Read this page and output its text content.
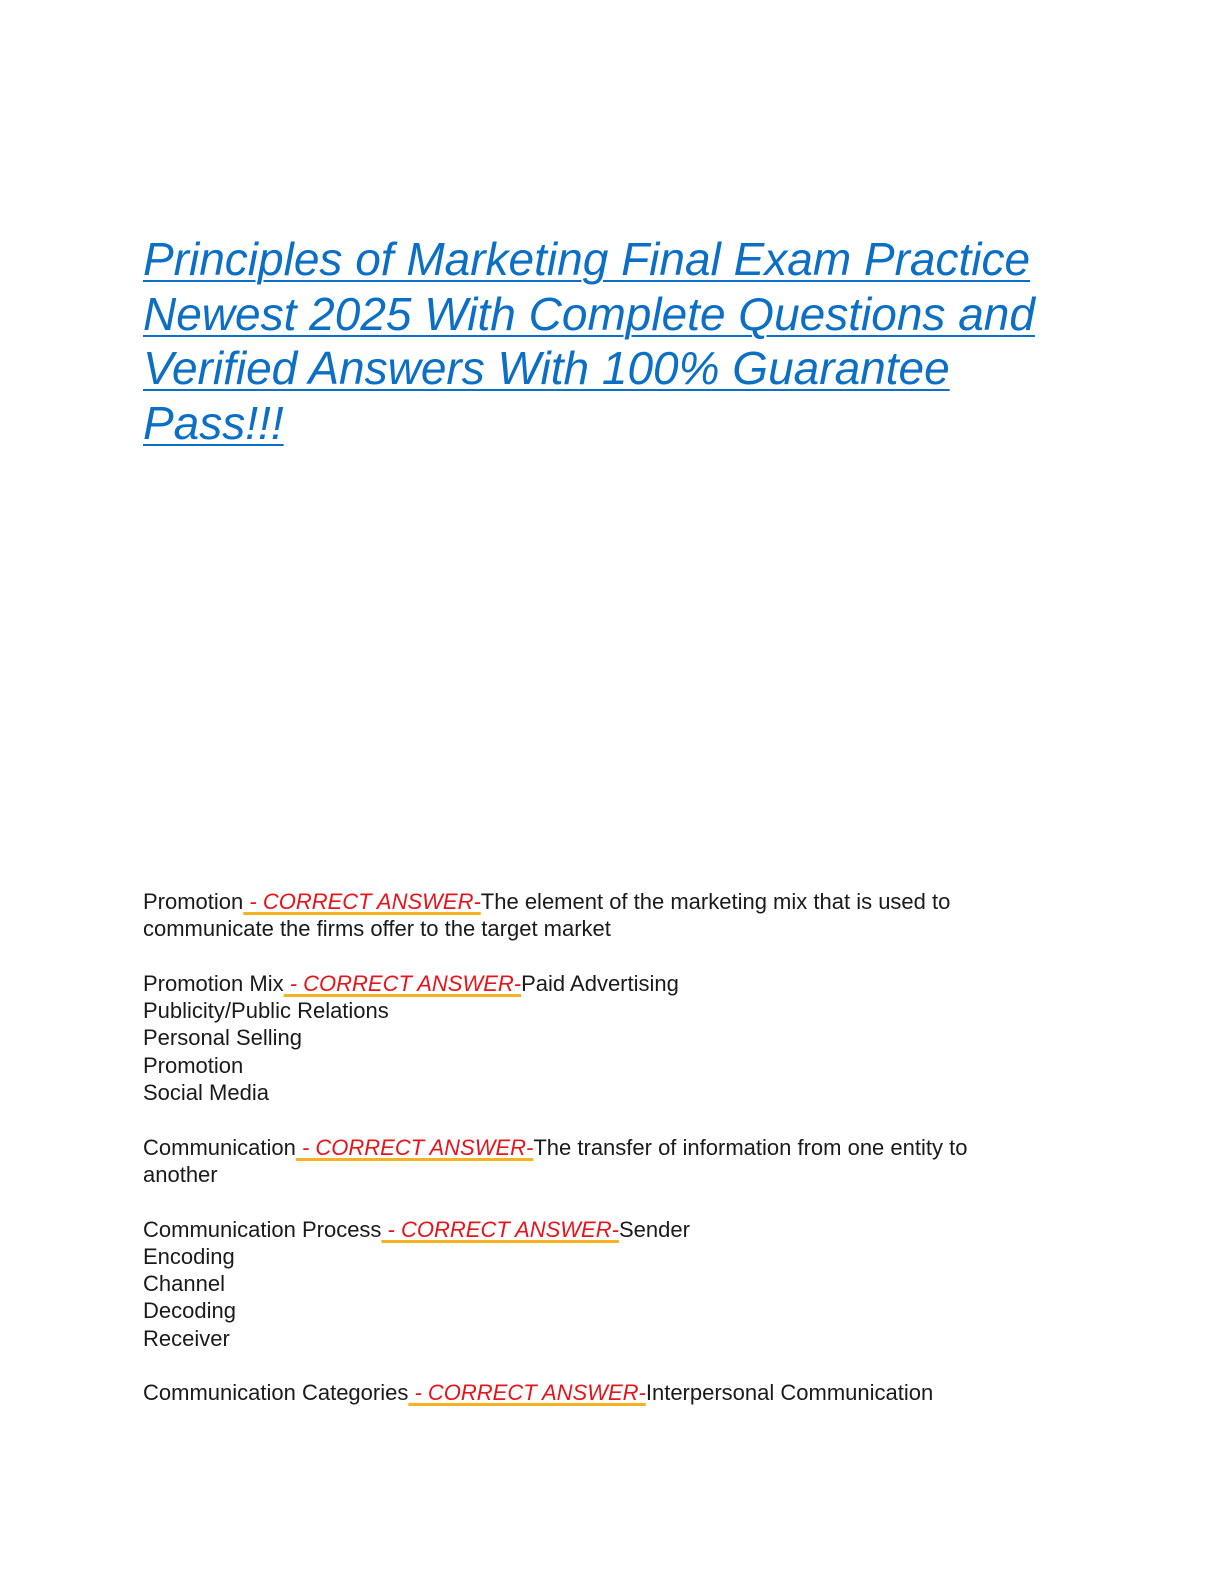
Principles of Marketing Final Exam Practice
Newest 2025 With Complete Questions and
Verified Answers With 100% Guarantee
Pass!!!
Promotion - CORRECT ANSWER-The element of the marketing mix that is used to
communicate the firms offer to the target market
Promotion Mix - CORRECT ANSWER-Paid Advertising
Publicity/Public Relations
Personal Selling
Promotion
Social Media
Communication - CORRECT ANSWER-The transfer of information from one entity to
another
Communication Process - CORRECT ANSWER-Sender
Encoding
Channel
Decoding
Receiver
Communication Categories - CORRECT ANSWER-Interpersonal Communication
